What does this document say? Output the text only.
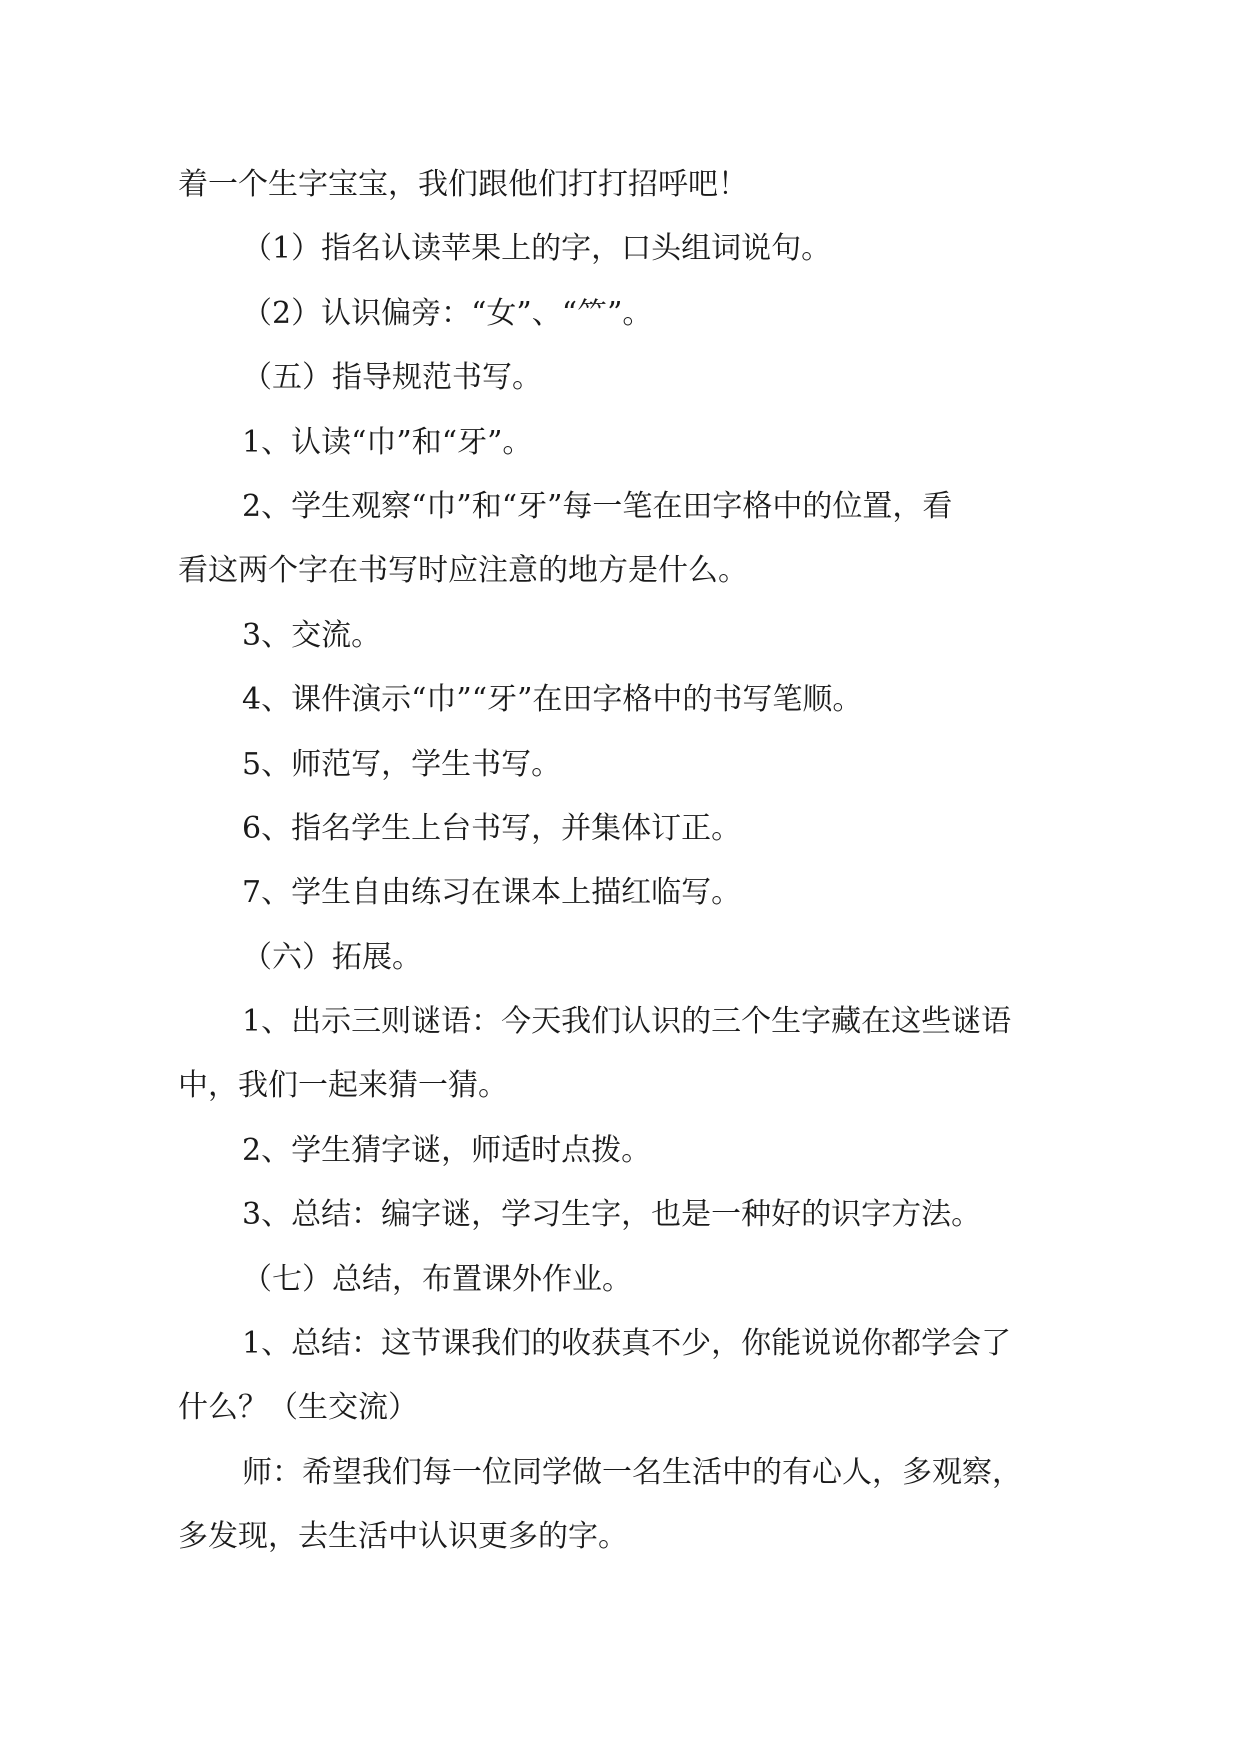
着一个生字宝宝，我们跟他们打打招呼吧！

（1）指名认读苹果上的字，口头组词说句。

（2）认识偏旁：“女”、“⺮”。

（五）指导规范书写。

1、认读“巾”和“牙”。

2、学生观察“巾”和“牙”每一笔在田字格中的位置，看

看这两个字在书写时应注意的地方是什么。

3、交流。

4、课件演示“巾”“牙”在田字格中的书写笔顺。

5、师范写，学生书写。

6、指名学生上台书写，并集体订正。

7、学生自由练习在课本上描红临写。

（六）拓展。

1、出示三则谜语：今天我们认识的三个生字藏在这些谜语

中，我们一起来猜一猜。

2、学生猜字谜，师适时点拨。

3、总结：编字谜，学习生字，也是一种好的识字方法。

（七）总结，布置课外作业。

1、总结：这节课我们的收获真不少，你能说说你都学会了

什么？（生交流）

师：希望我们每一位同学做一名生活中的有心人，多观察，

多发现，去生活中认识更多的字。
